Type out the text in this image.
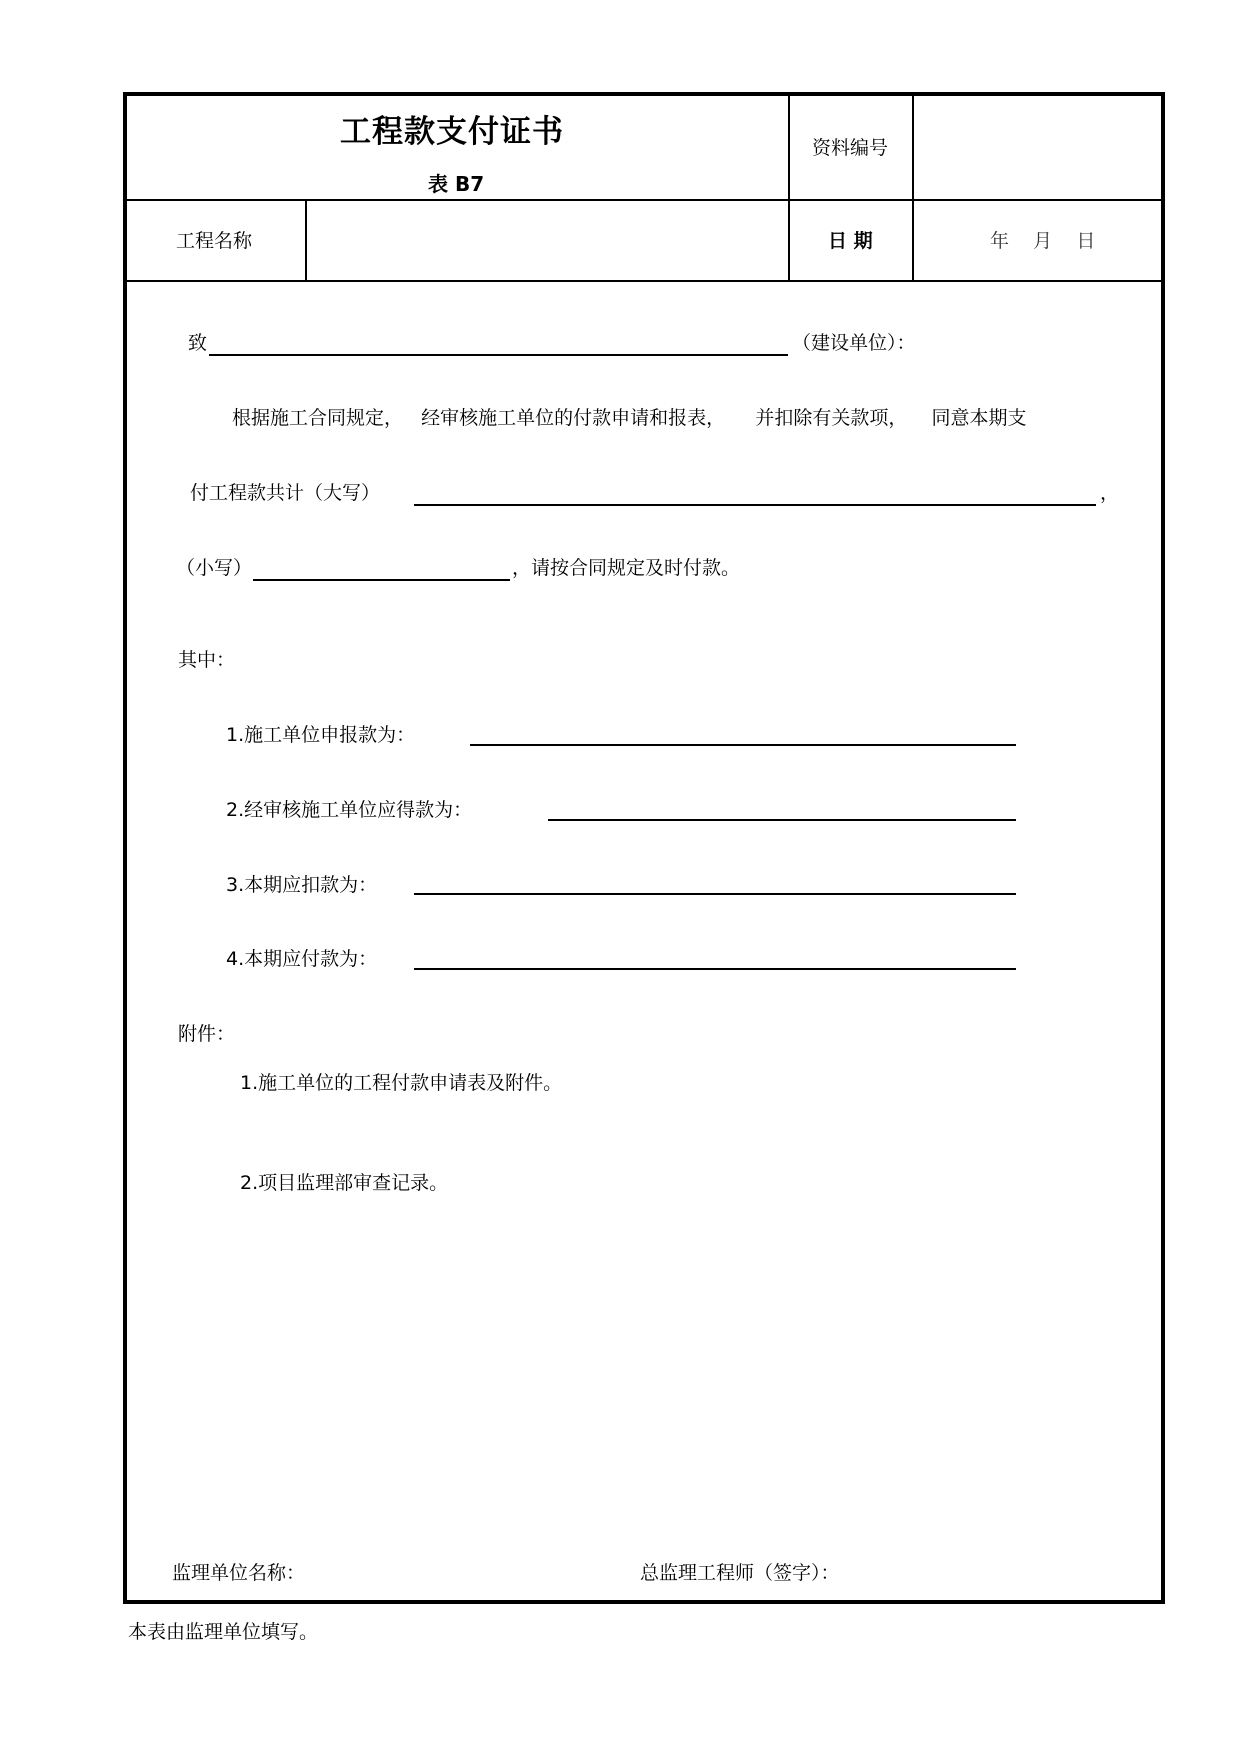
工程款支付证书
表 B7
资料编号
工程名称	日 期	年    月    日
致	（建设单位）：
根据施工合同规定，   经审核施工单位的付款申请和报表，     并扣除有关款项，    同意本期支
付工程款共计（大写）	，
（小写）	，请按合同规定及时付款。
其中：
1.施工单位申报款为：
2.经审核施工单位应得款为：
3.本期应扣款为：
4.本期应付款为：
附件：
1.施工单位的工程付款申请表及附件。
2.项目监理部审查记录。
监理单位名称：	总监理工程师（签字）：
本表由监理单位填写。
